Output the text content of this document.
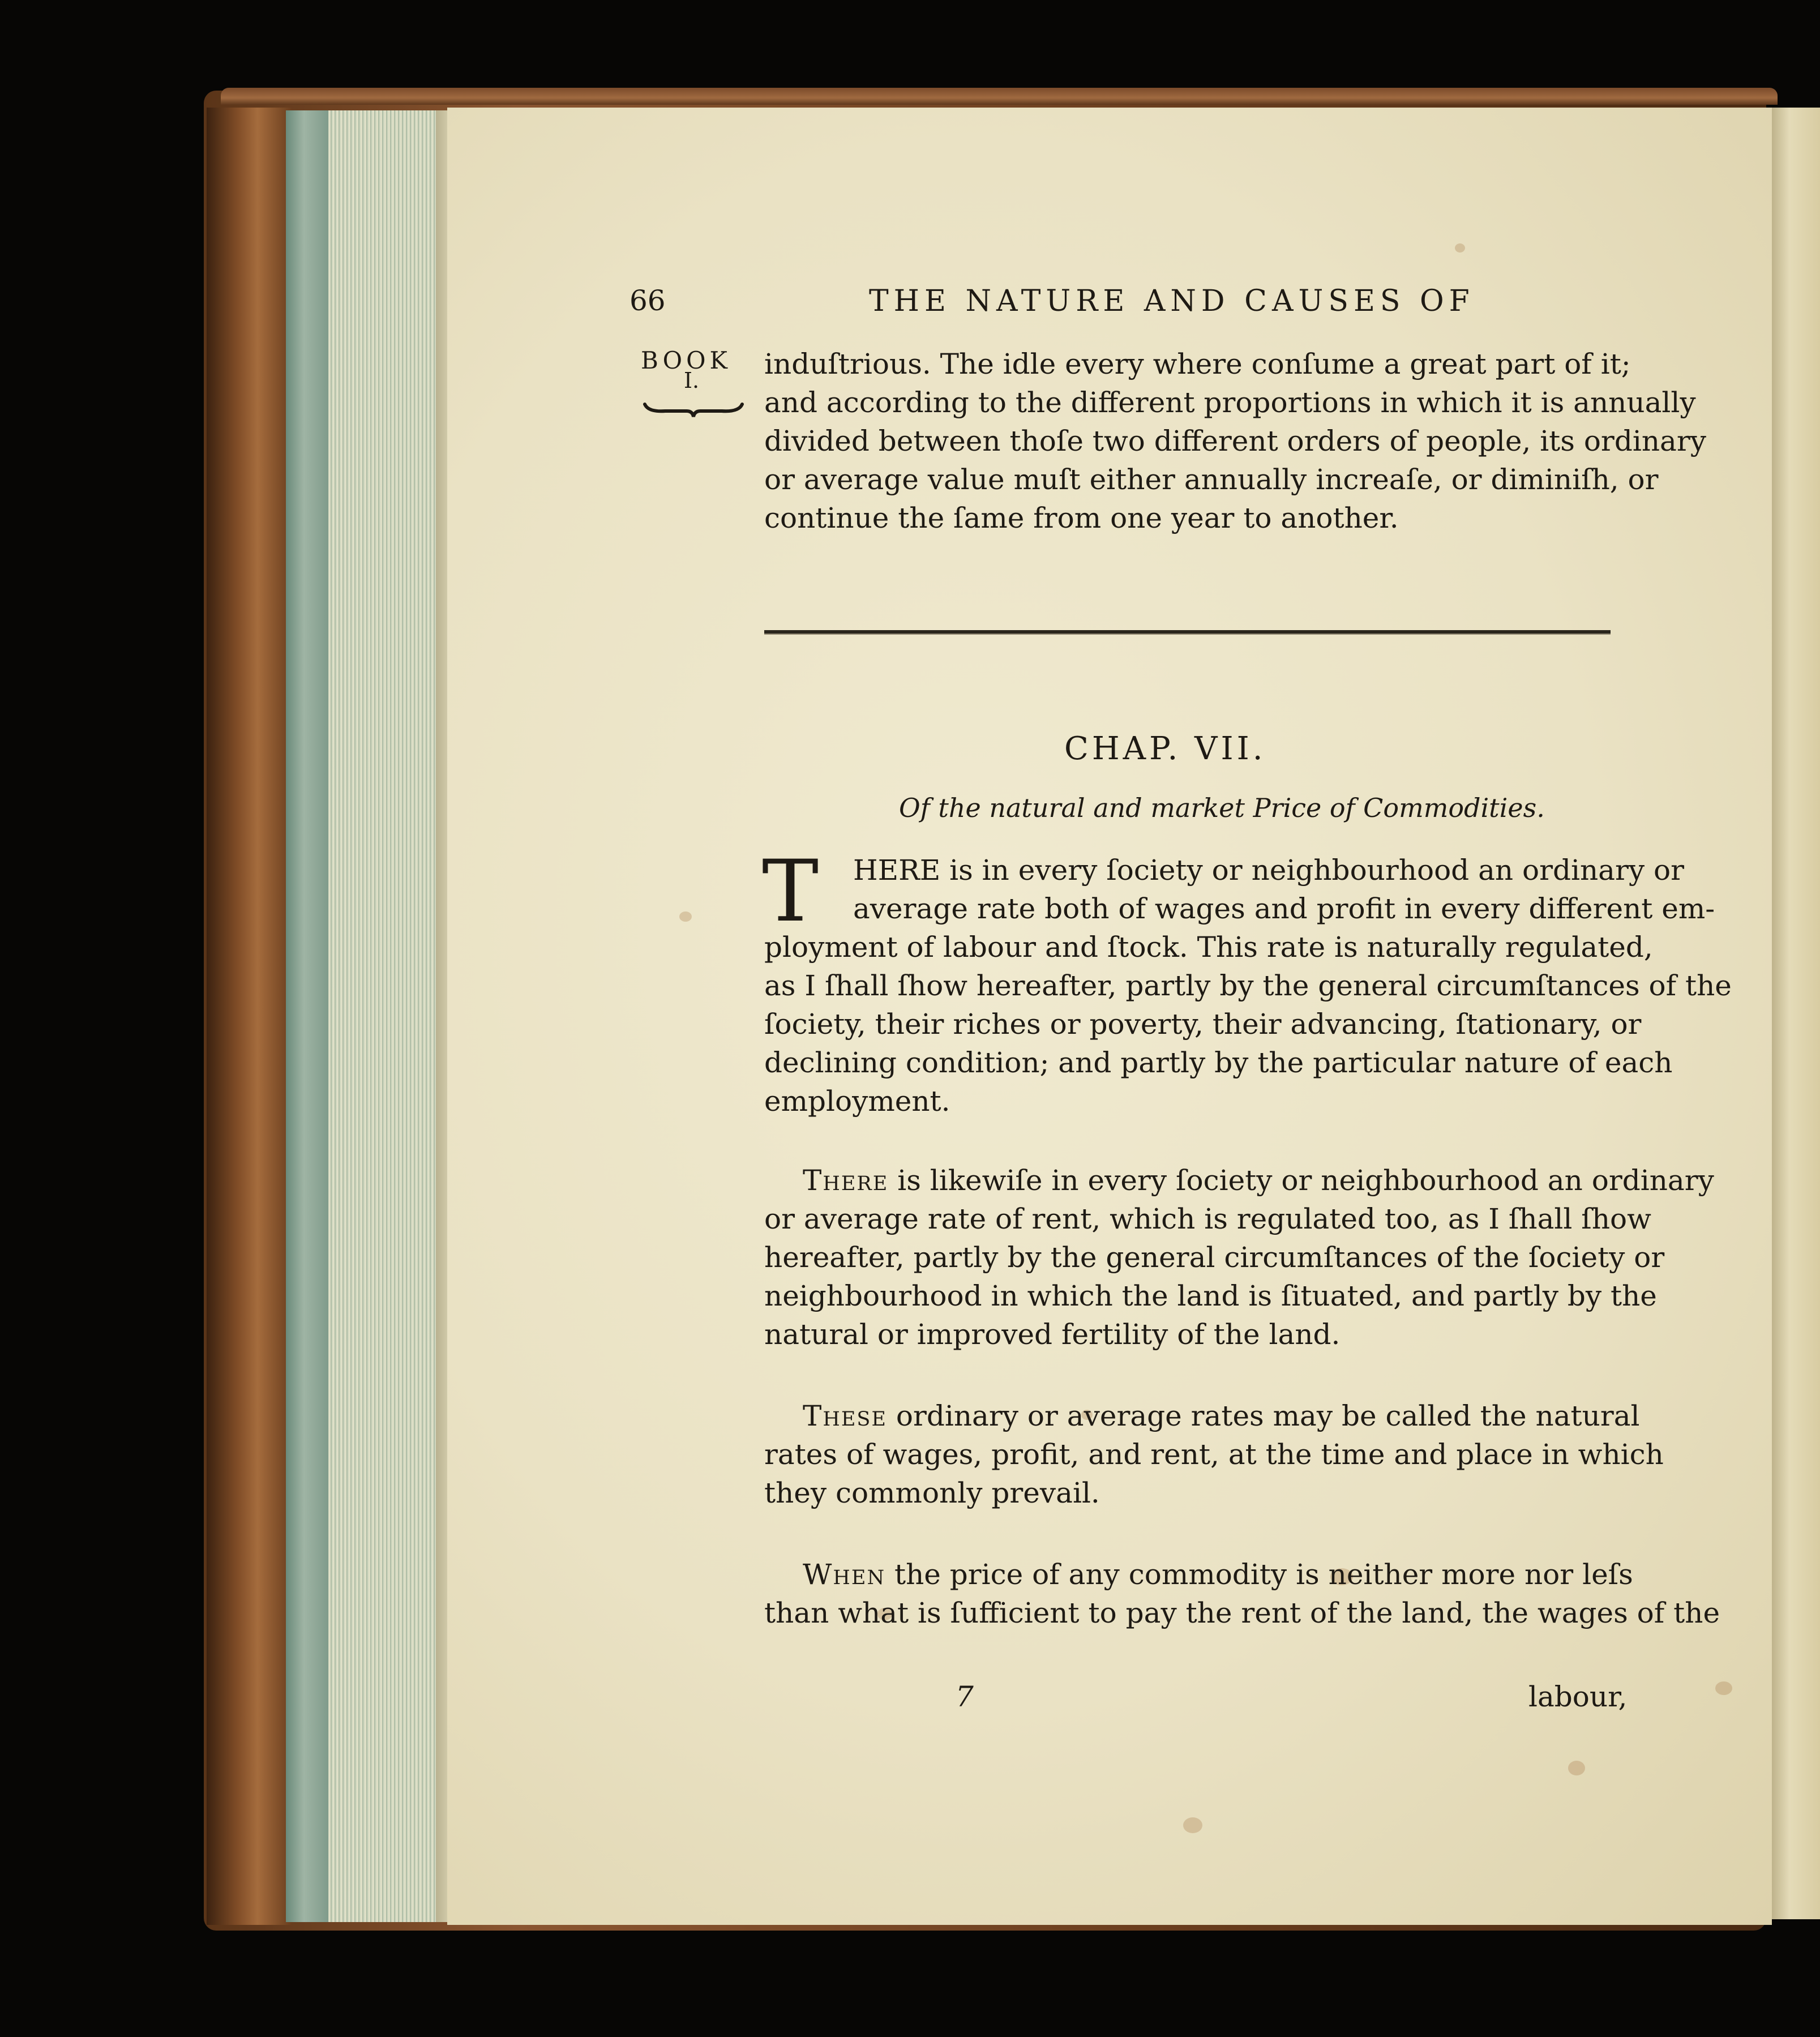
66	THE NATURE AND CAUSES OF
BOOK
I. induſtrious. The idle every where conſume a great part of it;
and according to the different proportions in which it is annually
divided between thoſe two different orders of people, its ordinary
or average value muſt either annually increaſe, or diminiſh, or
continue the ſame from one year to another.
CHAP. VII.
Of the natural and market Price of Commodities.
T HERE is in every ſociety or neighbourhood an ordinary or
average rate both of wages and profit in every different em-
ployment of labour and ſtock. This rate is naturally regulated,
as I ſhall ſhow hereafter, partly by the general circumſtances of the
ſociety, their riches or poverty, their advancing, ſtationary, or
declining condition; and partly by the particular nature of each
employment.
There is likewiſe in every ſociety or neighbourhood an ordinary
or average rate of rent, which is regulated too, as I ſhall ſhow
hereafter, partly by the general circumſtances of the ſociety or
neighbourhood in which the land is ſituated, and partly by the
natural or improved fertility of the land.
These ordinary or average rates may be called the natural
rates of wages, profit, and rent, at the time and place in which
they commonly prevail.
When the price of any commodity is neither more nor leſs
than what is ſufficient to pay the rent of the land, the wages of the
7	labour,
